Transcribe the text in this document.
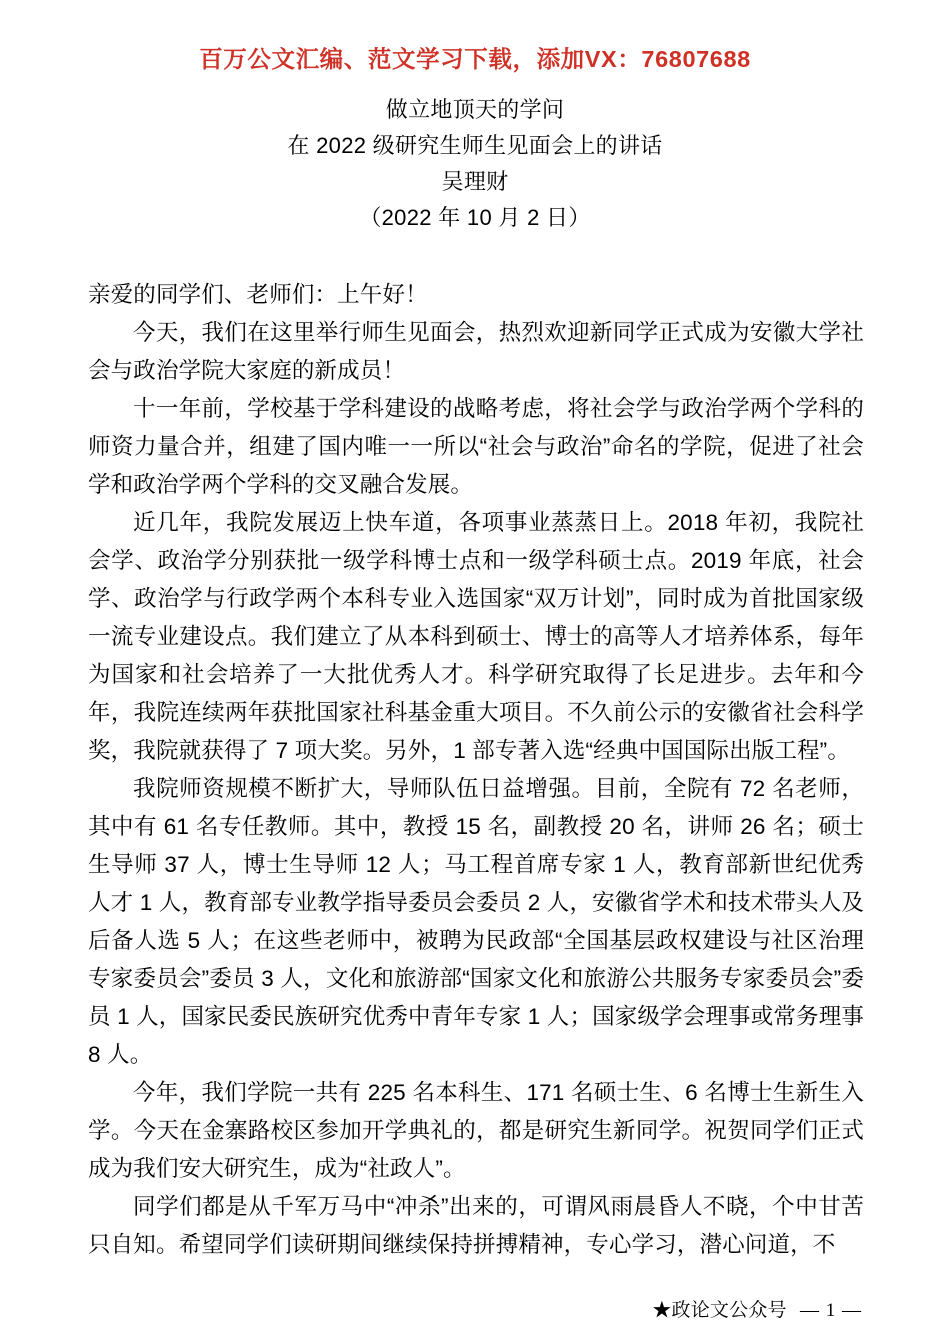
百万公文汇编、范文学习下载，添加VX：76807688
做立地顶天的学问
在 2022 级研究生师生见面会上的讲话
吴理财
（2022 年 10 月 2 日）

亲爱的同学们、老师们：上午好！

今天，我们在这里举行师生见面会，热烈欢迎新同学正式成为安徽大学社会与政治学院大家庭的新成员！

十一年前，学校基于学科建设的战略考虑，将社会学与政治学两个学科的师资力量合并，组建了国内唯一一所以“社会与政治”命名的学院，促进了社会学和政治学两个学科的交叉融合发展。

近几年，我院发展迈上快车道，各项事业蒸蒸日上。2018 年初，我院社会学、政治学分别获批一级学科博士点和一级学科硕士点。2019 年底，社会学、政治学与行政学两个本科专业入选国家“双万计划”，同时成为首批国家级一流专业建设点。我们建立了从本科到硕士、博士的高等人才培养体系，每年为国家和社会培养了一大批优秀人才。科学研究取得了长足进步。去年和今年，我院连续两年获批国家社科基金重大项目。不久前公示的安徽省社会科学奖，我院就获得了 7 项大奖。另外，1 部专著入选“经典中国国际出版工程”。

我院师资规模不断扩大，导师队伍日益增强。目前，全院有 72 名老师，其中有 61 名专任教师。其中，教授 15 名，副教授 20 名，讲师 26 名；硕士生导师 37 人，博士生导师 12 人；马工程首席专家 1 人，教育部新世纪优秀人才 1 人，教育部专业教学指导委员会委员 2 人，安徽省学术和技术带头人及后备人选 5 人；在这些老师中，被聘为民政部“全国基层政权建设与社区治理专家委员会”委员 3 人，文化和旅游部“国家文化和旅游公共服务专家委员会”委员 1 人，国家民委民族研究优秀中青年专家 1 人；国家级学会理事或常务理事 8 人。

今年，我们学院一共有 225 名本科生、171 名硕士生、6 名博士生新生入学。今天在金寨路校区参加开学典礼的，都是研究生新同学。祝贺同学们正式成为我们安大研究生，成为“社政人”。

同学们都是从千军万马中“冲杀”出来的，可谓风雨晨昏人不晓，个中甘苦只自知。希望同学们读研期间继续保持拼搏精神，专心学习，潜心问道，不

★政论文公众号 — 1 —
